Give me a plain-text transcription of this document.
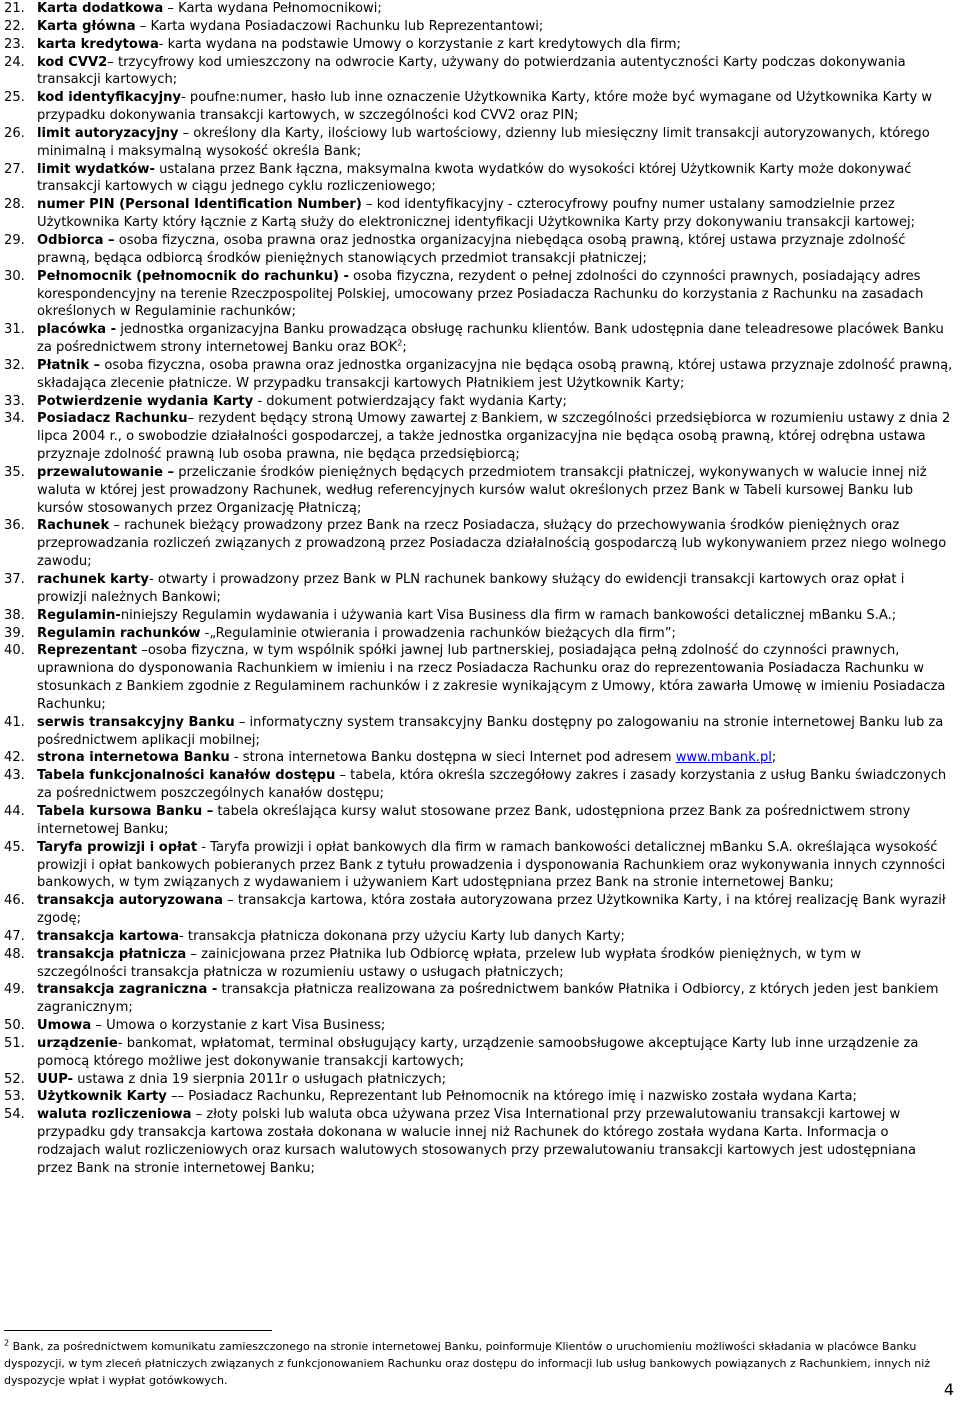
21. Karta dodatkowa – Karta wydana Pełnomocnikowi;
22. Karta główna – Karta wydana Posiadaczowi Rachunku lub Reprezentantowi;
23. karta kredytowa- karta wydana na podstawie Umowy o korzystanie z kart kredytowych dla firm;
24. kod CVV2– trzycyfrowy kod umieszczony na odwrocie Karty, używany do potwierdzania autentyczności Karty podczas dokonywania transakcji kartowych;
25. kod identyfikacyjny- poufne:numer, hasło lub inne oznaczenie Użytkownika Karty, które może być wymagane od Użytkownika Karty w przypadku dokonywania transakcji kartowych, w szczególności kod CVV2 oraz PIN;
26. limit autoryzacyjny – określony dla Karty, ilościowy lub wartościowy, dzienny lub miesięczny limit transakcji autoryzowanych, którego minimalną i maksymalną wysokość określa Bank;
27. limit wydatków- ustalana przez Bank łączna, maksymalna kwota wydatków do wysokości której Użytkownik Karty może dokonywać transakcji kartowych w ciągu jednego cyklu rozliczeniowego;
28. numer PIN (Personal Identification Number) – kod identyfikacyjny - czterocyfrowy poufny numer ustalany samodzielnie przez Użytkownika Karty który łącznie z Kartą służy do elektronicznej identyfikacji Użytkownika Karty przy dokonywaniu transakcji kartowej;
29. Odbiorca – osoba fizyczna, osoba prawna oraz jednostka organizacyjna niеbędąca osobą prawną, której ustawa przyznaje zdolność prawną, będąca odbiorcą środków pieniężnych stanowiących przedmiot transakcji płatniczej;
30. Pełnomocnik (pełnomocnik do rachunku) - osoba fizyczna, rezydent o pełnej zdolności do czynności prawnych, posiadający adres korespondencyjny na terenie Rzeczpospolitej Polskiej, umocowany przez Posiadacza Rachunku do korzystania z Rachunku na zasadach określonych w Regulaminie rachunków;
31. placówka - jednostka organizacyjna Banku prowadząca obsługę rachunku klientów. Bank udostępnia dane teleadresowe placówek Banku za pośrednictwem strony internetowej Banku oraz BOK$^2$;
32. Płatnik – osoba fizyczna, osoba prawna oraz jednostka organizacyjna nie będąca osobą prawną, której ustawa przyznaje zdolność prawną, składająca zlecenie płatnicze. W przypadku transakcji kartowych Płatnikiem jest Użytkownik Karty;
33. Potwierdzenie wydania Karty - dokument potwierdzający fakt wydania Karty;
34. Posiadacz Rachunku– rezydent będący stroną Umowy zawartej z Bankiem, w szczególności przedsiębiorca w rozumieniu ustawy z dnia 2 lipca 2004 r., o swobodzie działalności gospodarczej, a także jednostka organizacyjna nie będąca osobą prawną, której odrębna ustawa przyznaje zdolność prawną lub osoba prawna, nie będąca przedsiębiorcą;
35. przewalutowanie – przeliczanie środków pieniężnych będących przedmiotem transakcji płatniczej, wykonywanych w walucie innej niż waluta w której jest prowadzony Rachunek, według referencyjnych kursów walut określonych przez Bank w Tabeli kursowej Banku lub kursów stosowanych przez Organizację Płatniczą;
36. Rachunek – rachunek bieżący prowadzony przez Bank na rzecz Posiadacza, służący do przechowywania środków pieniężnych oraz przeprowadzania rozliczeń związanych z prowadzoną przez Posiadacza działalnością gospodarczą lub wykonywaniem przez niego wolnego zawodu;
37. rachunek karty- otwarty i prowadzony przez Bank w PLN rachunek bankowy służący do ewidencji transakcji kartowych oraz opłat i prowizji należnych Bankowi;
38. Regulamin-niniejszy Regulamin wydawania i używania kart Visa Business dla firm w ramach bankowości detalicznej mBanku S.A.;
39. Regulamin rachunków -„Regulaminie otwierania i prowadzenia rachunków bieżących dla firm”;
40. Reprezentant –osoba fizyczna, w tym wspólnik spółki jawnej lub partnerskiej, posiadająca pełną zdolność do czynności prawnych, uprawniona do dysponowania Rachunkiem w imieniu i na rzecz Posiadacza Rachunku oraz do reprezentowania Posiadacza Rachunku w stosunkach z Bankiem zgodnie z Regulaminem rachunków i z zakresie wynikającym z Umowy, która zawarła Umowę w imieniu Posiadacza Rachunku;
41. serwis transakcyjny Banku – informatyczny system transakcyjny Banku dostępny po zalogowaniu na stronie internetowej Banku lub za pośrednictwem aplikacji mobilnej;
42. strona internetowa Banku - strona internetowa Banku dostępna w sieci Internet pod adresem www.mbank.pl;
43. Tabela funkcjonalności kanałów dostępu – tabela, która określa szczegółowy zakres i zasady korzystania z usług Banku świadczonych za pośrednictwem poszczególnych kanałów dostępu;
44. Tabela kursowa Banku – tabela określająca kursy walut stosowane przez Bank, udostępniona przez Bank za pośrednictwem strony internetowej Banku;
45. Taryfa prowizji i opłat - Taryfa prowizji i opłat bankowych dla firm w ramach bankowości detalicznej mBanku S.A. określająca wysokość prowizji i opłat bankowych pobieranych przez Bank z tytułu prowadzenia i dysponowania Rachunkiem oraz wykonywania innych czynności bankowych, w tym związanych z wydawaniem i używaniem Kart udostępniana przez Bank na stronie internetowej Banku;
46. transakcja autoryzowana – transakcja kartowa, która została autoryzowana przez Użytkownika Karty, i na której realizację Bank wyraził zgodę;
47. transakcja kartowa- transakcja płatnicza dokonana przy użyciu Karty lub danych Karty;
48. transakcja płatnicza – zainicjowana przez Płatnika lub Odbiorcę wpłata, przelew lub wypłata środków pieniężnych, w tym w szczególności transakcja płatnicza w rozumieniu ustawy o usługach płatniczych;
49. transakcja zagraniczna - transakcja płatnicza realizowana za pośrednictwem banków Płatnika i Odbiorcy, z których jeden jest bankiem zagranicznym;
50. Umowa – Umowa o korzystanie z kart Visa Business;
51. urządzenie- bankomat, wpłatomat, terminal obsługujący karty, urządzenie samoobsługowe akceptujące Karty lub inne urządzenie za pomocą którego możliwe jest dokonywanie transakcji kartowych;
52. UUP- ustawa z dnia 19 sierpnia 2011r o usługach płatniczych;
53. Użytkownik Karty –– Posiadacz Rachunku, Reprezentant lub Pełnomocnik na którego imię i nazwisko została wydana Karta;
54. waluta rozliczeniowa – złoty polski lub waluta obca używana przez Visa International przy przewalutowaniu transakcji kartowej w przypadku gdy transakcja kartowa została dokonana w walucie innej niż Rachunek do którego została wydana Karta. Informacja o rodzajach walut rozliczeniowych oraz kursach walutowych stosowanych przy przewalutowaniu transakcji kartowych jest udostępniana przez Bank na stronie internetowej Banku;
$^2$ Bank, za pośrednictwem komunikatu zamieszczonego na stronie internetowej Banku, poinformuje Klientów o uruchomieniu możliwości składania w placówce Banku dyspozycji, w tym zleceń płatniczych związanych z funkcjonowaniem Rachunku oraz dostępu do informacji lub usług bankowych powiązanych z Rachunkiem, innych niż dyspozycje wpłat i wypłat gotówkowych.	4
